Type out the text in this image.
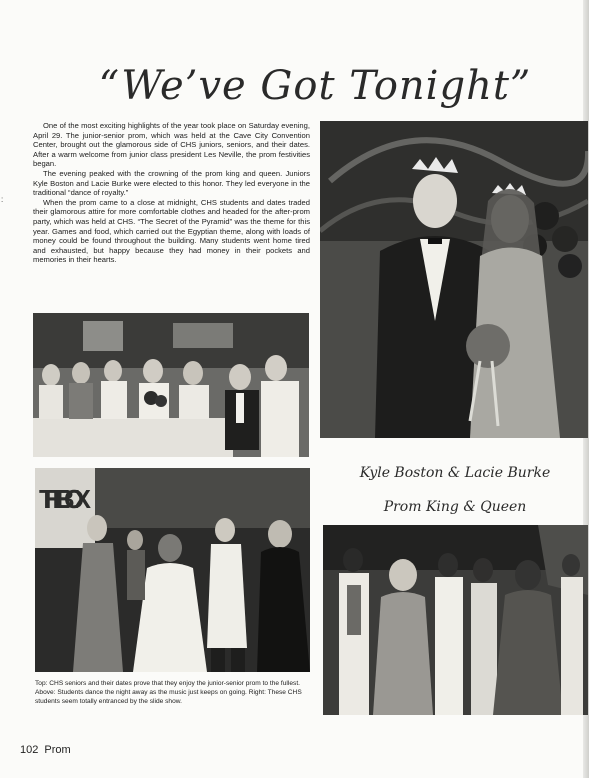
:
“We’ve Got Tonight”

One of the most exciting highlights of the year took place on Saturday evening, April 29. The junior-senior prom, which was held at the Cave City Convention Center, brought out the glamorous side of CHS juniors, seniors, and their dates. After a warm welcome from junior class president Les Neville, the prom festivities began.

The evening peaked with the crowning of the prom king and queen. Juniors Kyle Boston and Lacie Burke were elected to this honor. They led everyone in the traditional “dance of royalty.”

When the prom came to a close at midnight, CHS students and dates traded their glamorous attire for more comfortable clothes and headed for the after-prom party, which was held at CHS. “The Secret of the Pyramid” was the theme for this year. Games and food, which carried out the Egyptian theme, along with loads of money could be found throughout the building. Many students went home tired and exhausted, but happy because they had money in their pockets and memories in their hearts.

Kyle Boston & Lacie Burke
Prom King & Queen
THE BOX
Top: CHS seniors and their dates prove that they enjoy the junior-senior prom to the fullest. Above: Students dance the night away as the music just keeps on going. Right: These CHS students seem totally entranced by the slide show.
102 Prom
